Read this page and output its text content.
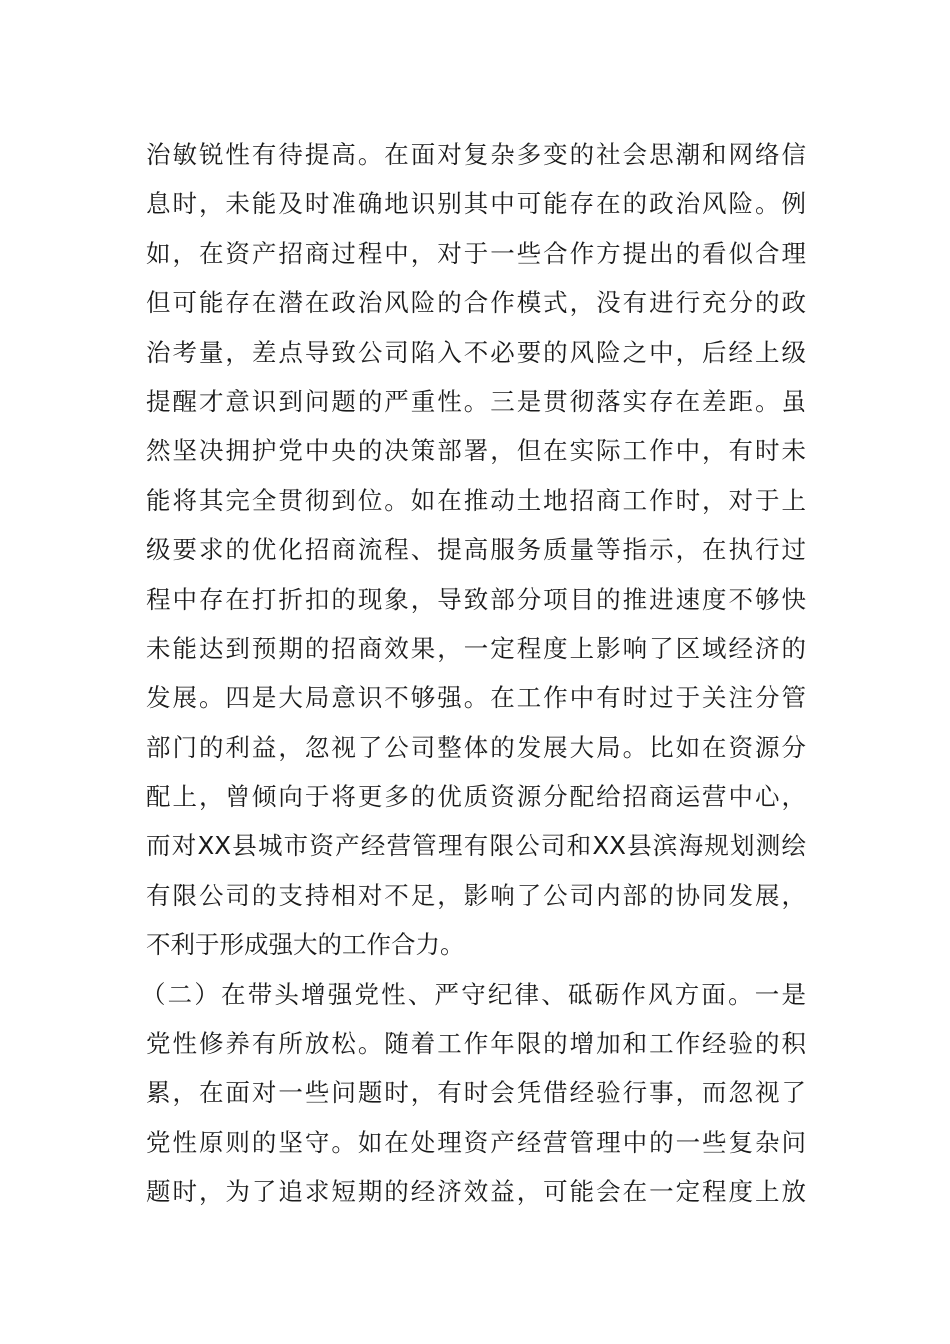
治敏锐性有待提高。在面对复杂多变的社会思潮和网络信
息时，未能及时准确地识别其中可能存在的政治风险。例
如，在资产招商过程中，对于一些合作方提出的看似合理
但可能存在潜在政治风险的合作模式，没有进行充分的政
治考量，差点导致公司陷入不必要的风险之中，后经上级
提醒才意识到问题的严重性。三是贯彻落实存在差距。虽
然坚决拥护党中央的决策部署，但在实际工作中，有时未
能将其完全贯彻到位。如在推动土地招商工作时，对于上
级要求的优化招商流程、提高服务质量等指示，在执行过
程中存在打折扣的现象，导致部分项目的推进速度不够快
未能达到预期的招商效果，一定程度上影响了区域经济的
发展。四是大局意识不够强。在工作中有时过于关注分管
部门的利益，忽视了公司整体的发展大局。比如在资源分
配上，曾倾向于将更多的优质资源分配给招商运营中心，
而对XX县城市资产经营管理有限公司和XX县滨海规划测绘
有限公司的支持相对不足，影响了公司内部的协同发展，
不利于形成强大的工作合力。
（二）在带头增强党性、严守纪律、砥砺作风方面。一是
党性修养有所放松。随着工作年限的增加和工作经验的积
累，在面对一些问题时，有时会凭借经验行事，而忽视了
党性原则的坚守。如在处理资产经营管理中的一些复杂问
题时，为了追求短期的经济效益，可能会在一定程度上放
